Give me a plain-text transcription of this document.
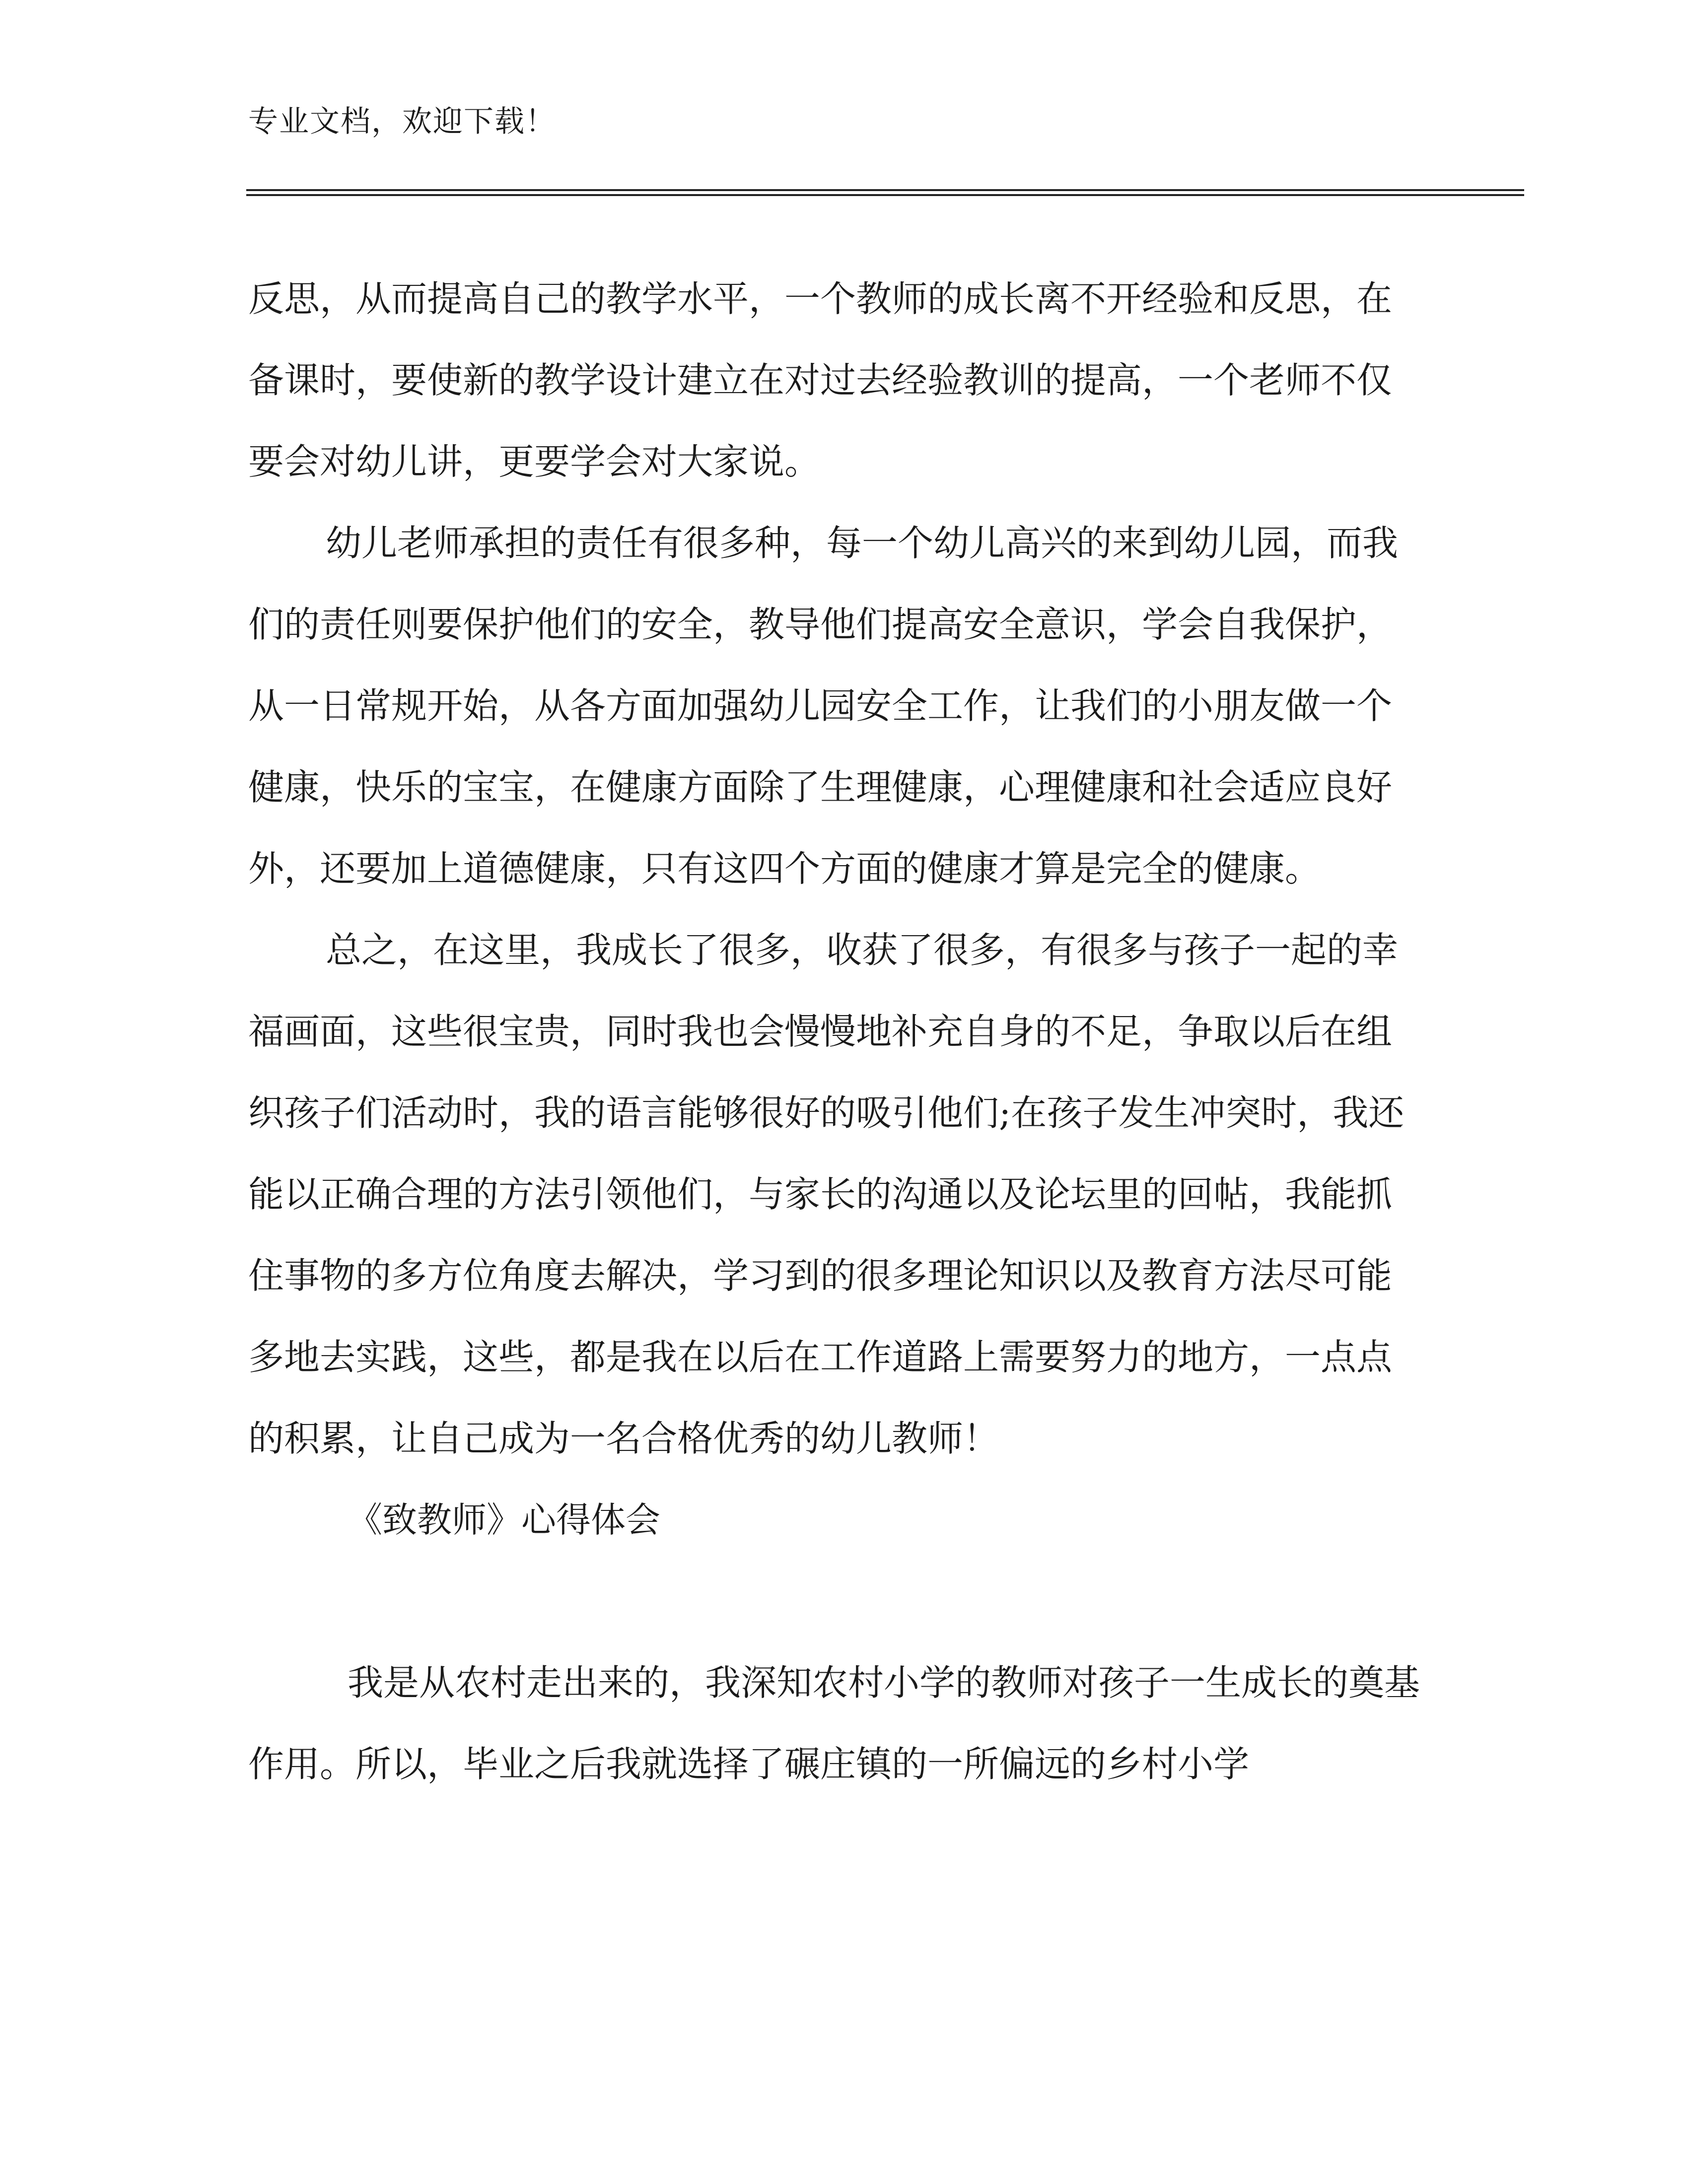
专业文档，欢迎下载！

反思，从而提高自己的教学水平，一个教师的成长离不开经验和反思，在备课时，要使新的教学设计建立在对过去经验教训的提高，一个老师不仅要会对幼儿讲，更要学会对大家说。

幼儿老师承担的责任有很多种，每一个幼儿高兴的来到幼儿园，而我们的责任则要保护他们的安全，教导他们提高安全意识，学会自我保护，从一日常规开始，从各方面加强幼儿园安全工作，让我们的小朋友做一个健康，快乐的宝宝，在健康方面除了生理健康，心理健康和社会适应良好外，还要加上道德健康，只有这四个方面的健康才算是完全的健康。

总之，在这里，我成长了很多，收获了很多，有很多与孩子一起的幸福画面，这些很宝贵，同时我也会慢慢地补充自身的不足，争取以后在组织孩子们活动时，我的语言能够很好的吸引他们;在孩子发生冲突时，我还能以正确合理的方法引领他们，与家长的沟通以及论坛里的回帖，我能抓住事物的多方位角度去解决，学习到的很多理论知识以及教育方法尽可能多地去实践，这些，都是我在以后在工作道路上需要努力的地方，一点点的积累，让自己成为一名合格优秀的幼儿教师！

《致教师》心得体会

我是从农村走出来的，我深知农村小学的教师对孩子一生成长的奠基作用。所以，毕业之后我就选择了碾庄镇的一所偏远的乡村小学
